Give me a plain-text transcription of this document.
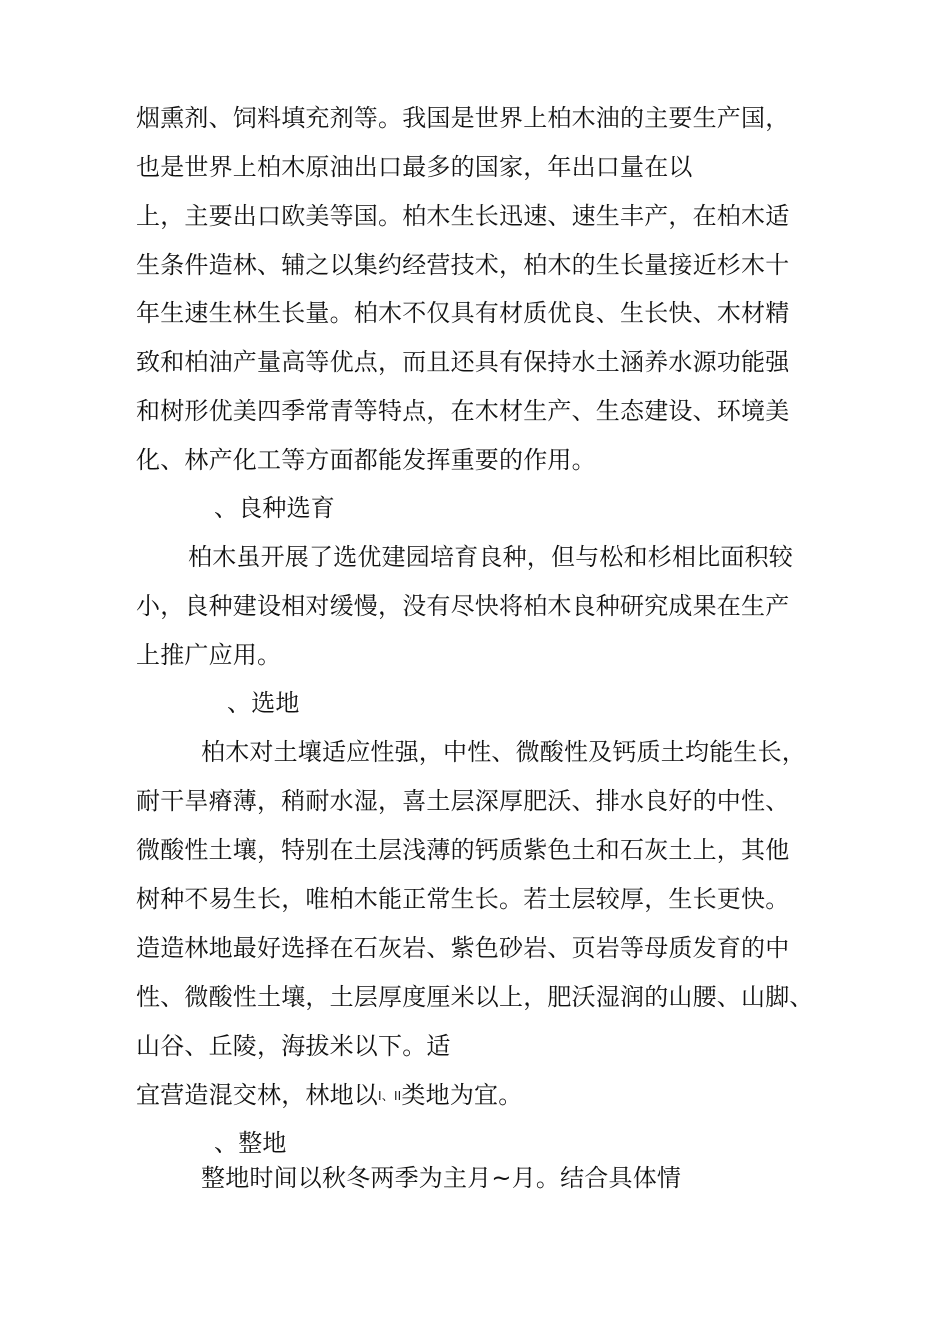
烟熏剂、饲料填充剂等。我国是世界上柏木油的主要生产国，
也是世界上柏木原油出口最多的国家，年出口量在以
上，主要出口欧美等国。柏木生长迅速、速生丰产，在柏木适
生条件造林、辅之以集约经营技术，柏木的生长量接近杉木十
年生速生林生长量。柏木不仅具有材质优良、生长快、木材精
致和柏油产量高等优点，而且还具有保持水土涵养水源功能强
和树形优美四季常青等特点，在木材生产、生态建设、环境美
化、林产化工等方面都能发挥重要的作用。
、良种选育
柏木虽开展了选优建园培育良种，但与松和杉相比面积较
小，良种建设相对缓慢，没有尽快将柏木良种研究成果在生产
上推广应用。
、选地
柏木对土壤适应性强，中性、微酸性及钙质土均能生长，
耐干旱瘠薄，稍耐水湿，喜土层深厚肥沃、排水良好的中性、
微酸性土壤，特别在土层浅薄的钙质紫色土和石灰土上，其他
树种不易生长，唯柏木能正常生长。若土层较厚，生长更快。
造造林地最好选择在石灰岩、紫色砂岩、页岩等母质发育的中
性、微酸性土壤，土层厚度厘米以上，肥沃湿润的山腰、山脚、
山谷、丘陵，海拔米以下。适
宜营造混交林，林地以I、II类地为宜。
、整地
整地时间以秋冬两季为主月~月。结合具体情
